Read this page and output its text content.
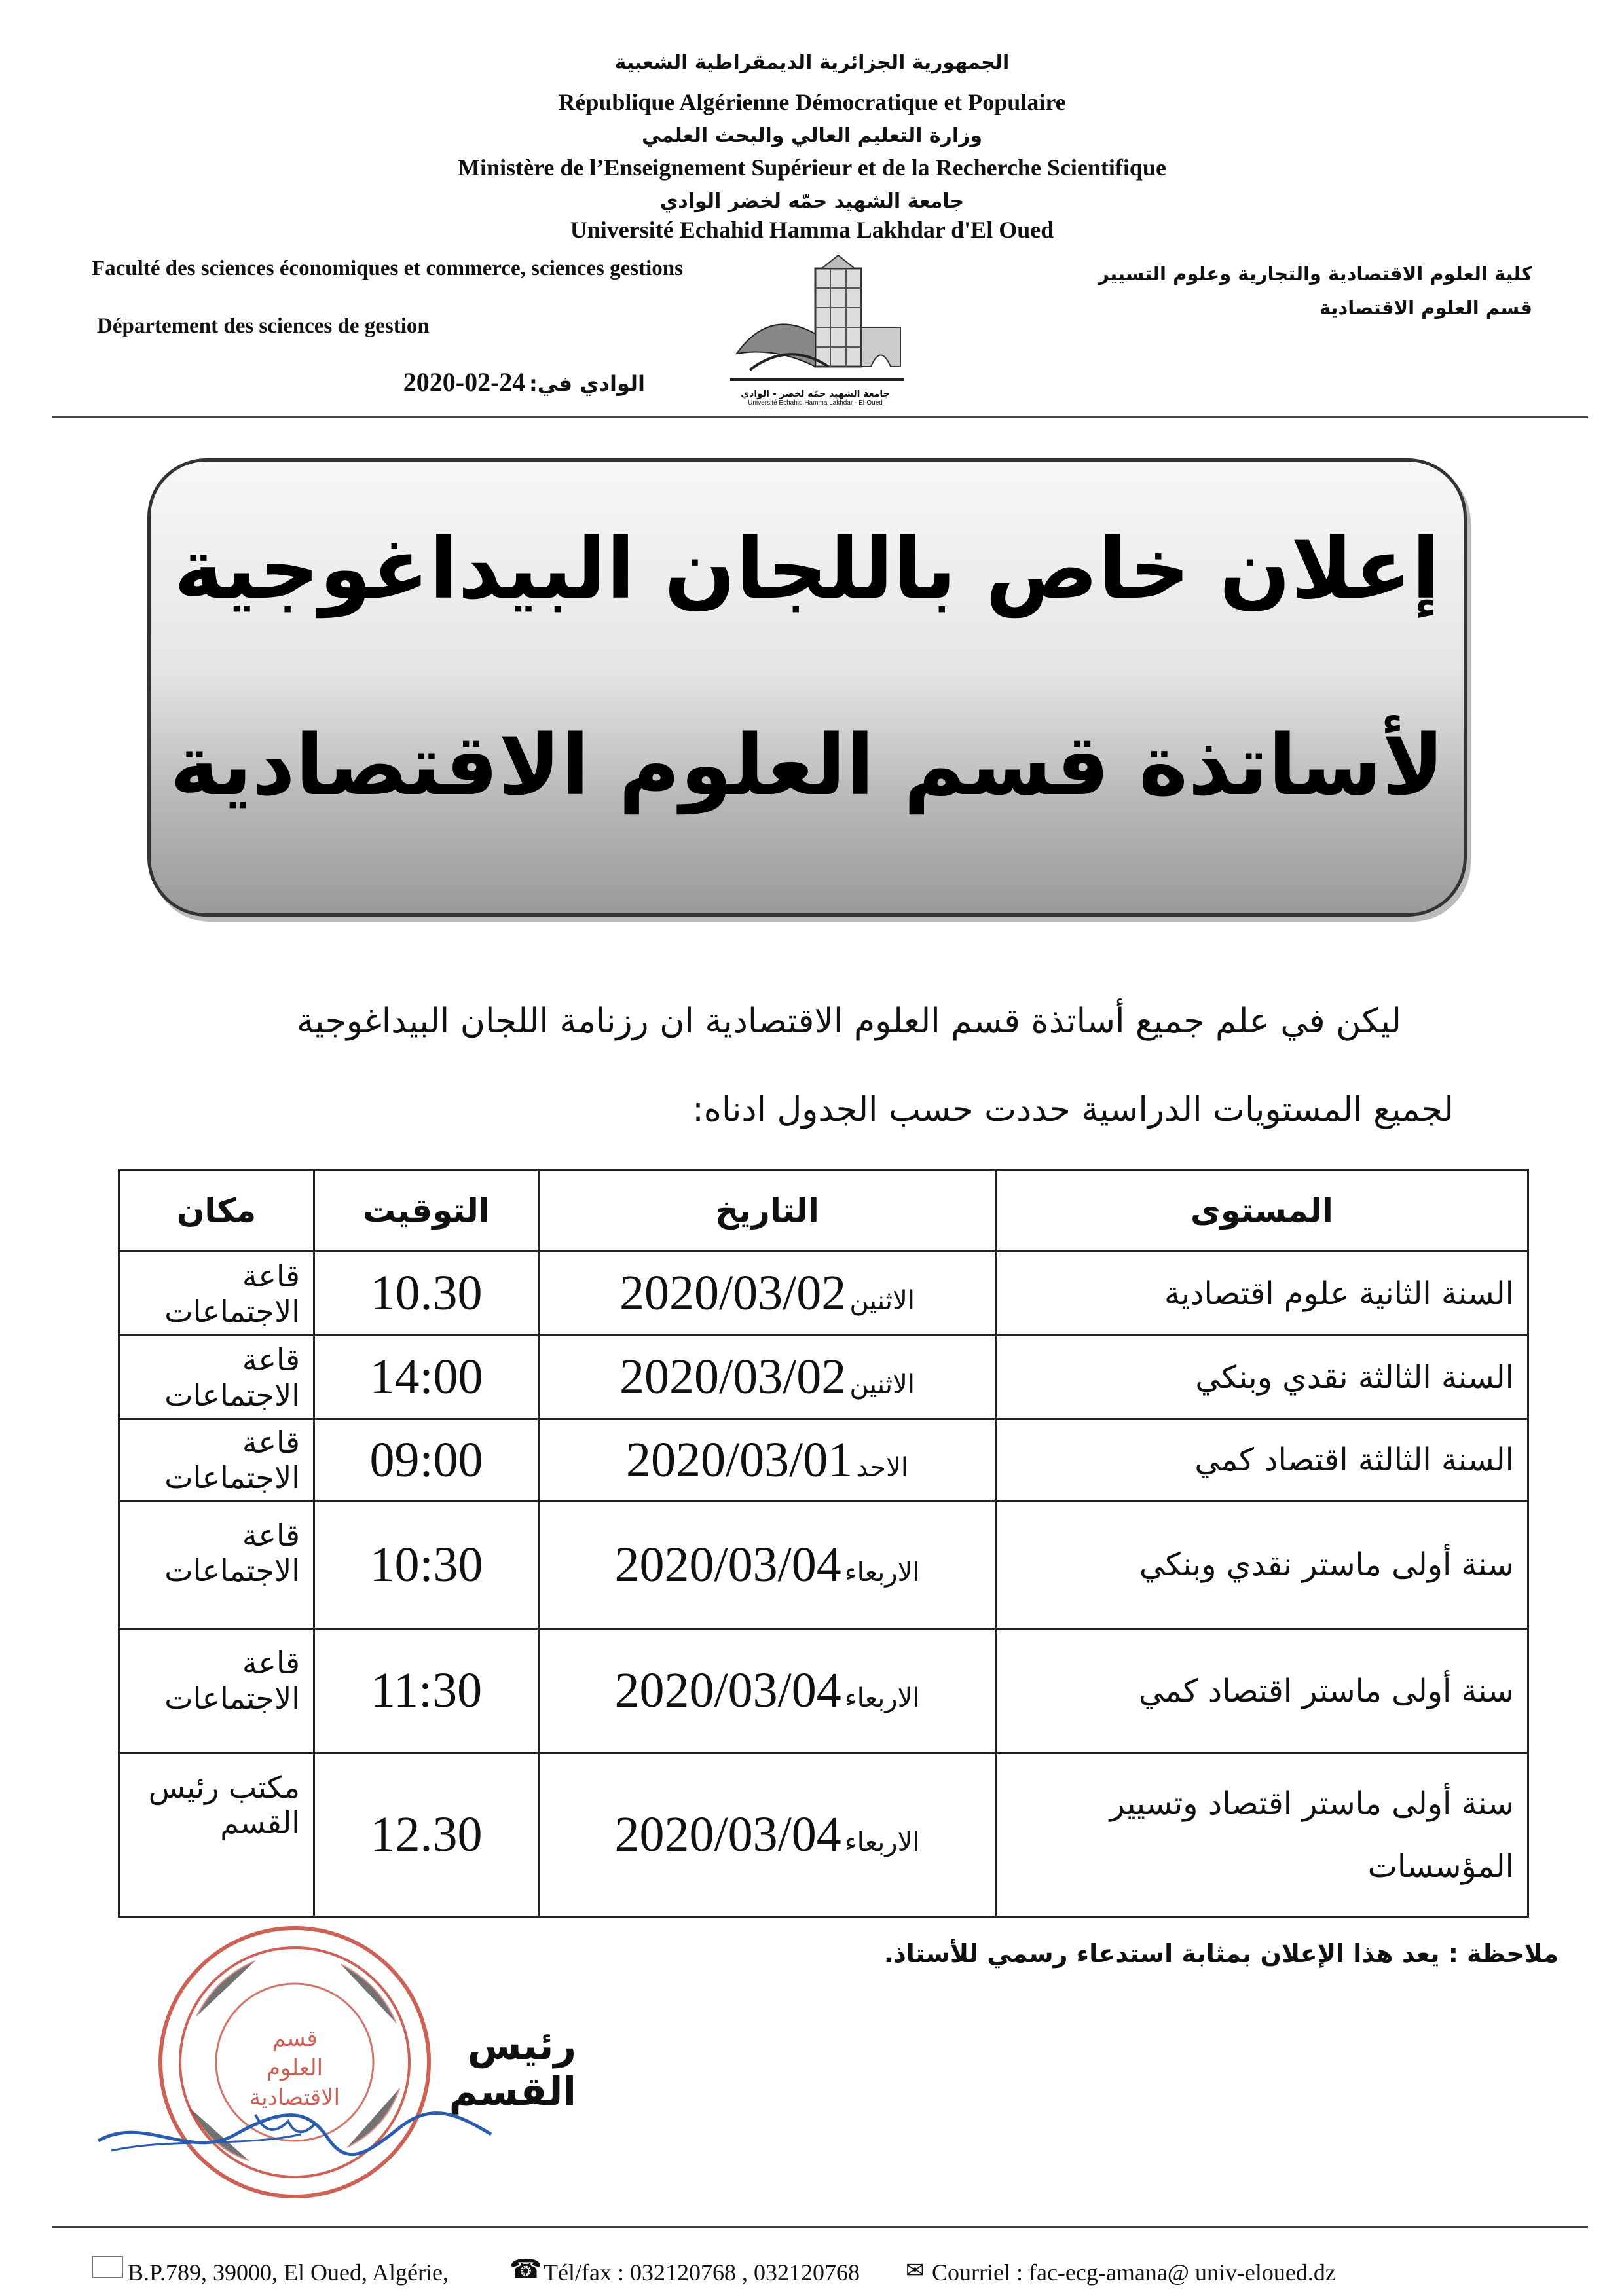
الجمهورية الجزائرية الديمقراطية الشعبية
République Algérienne Démocratique et Populaire
وزارة التعليم العالي والبحث العلمي
Ministère de l’Enseignement Supérieur et de la Recherche Scientifique
جامعة الشهيد حمّه لخضر الوادي
Université Echahid Hamma Lakhdar d'El Oued
Faculté des sciences économiques et commerce, sciences gestions
Département des sciences de gestion
الوادي في: 2020-02-24
كلية العلوم الاقتصادية والتجارية وعلوم التسيير
قسم العلوم الاقتصادية
جامعة الشهيد حمّه لخضر - الوادي
Université Echahid Hamma Lakhdar - El-Oued
إعلان خاص باللجان البيداغوجية
لأساتذة قسم العلوم الاقتصادية
ليكن في علم جميع أساتذة قسم العلوم الاقتصادية ان رزنامة اللجان البيداغوجية
لجميع المستويات الدراسية حددت حسب الجدول ادناه:
المستوى	التاريخ	التوقيت	مكان
السنة الثانية علوم اقتصادية	الاثنين 2020/03/02	10.30	قاعة الاجتماعات
السنة الثالثة نقدي وبنكي	الاثنين 2020/03/02	14:00	قاعة الاجتماعات
السنة الثالثة اقتصاد كمي	الاحد 2020/03/01	09:00	قاعة الاجتماعات
سنة أولى ماستر نقدي وبنكي	الاربعاء 2020/03/04	10:30	قاعة الاجتماعات
سنة أولى ماستر اقتصاد كمي	الاربعاء 2020/03/04	11:30	قاعة الاجتماعات
سنة أولى ماستر اقتصاد وتسيير المؤسسات	الاربعاء 2020/03/04	12.30	مكتب رئيس القسم
ملاحظة : يعد هذا الإعلان بمثابة استدعاء رسمي للأستاذ.
قسم
العلوم
الاقتصادية
رئيس القسم
B.P.789, 39000, El Oued, Algérie, ☎ Tél/fax : 032120768 , 032120768 ✉ Courriel : fac-ecg-amana@ univ-eloued.dz
